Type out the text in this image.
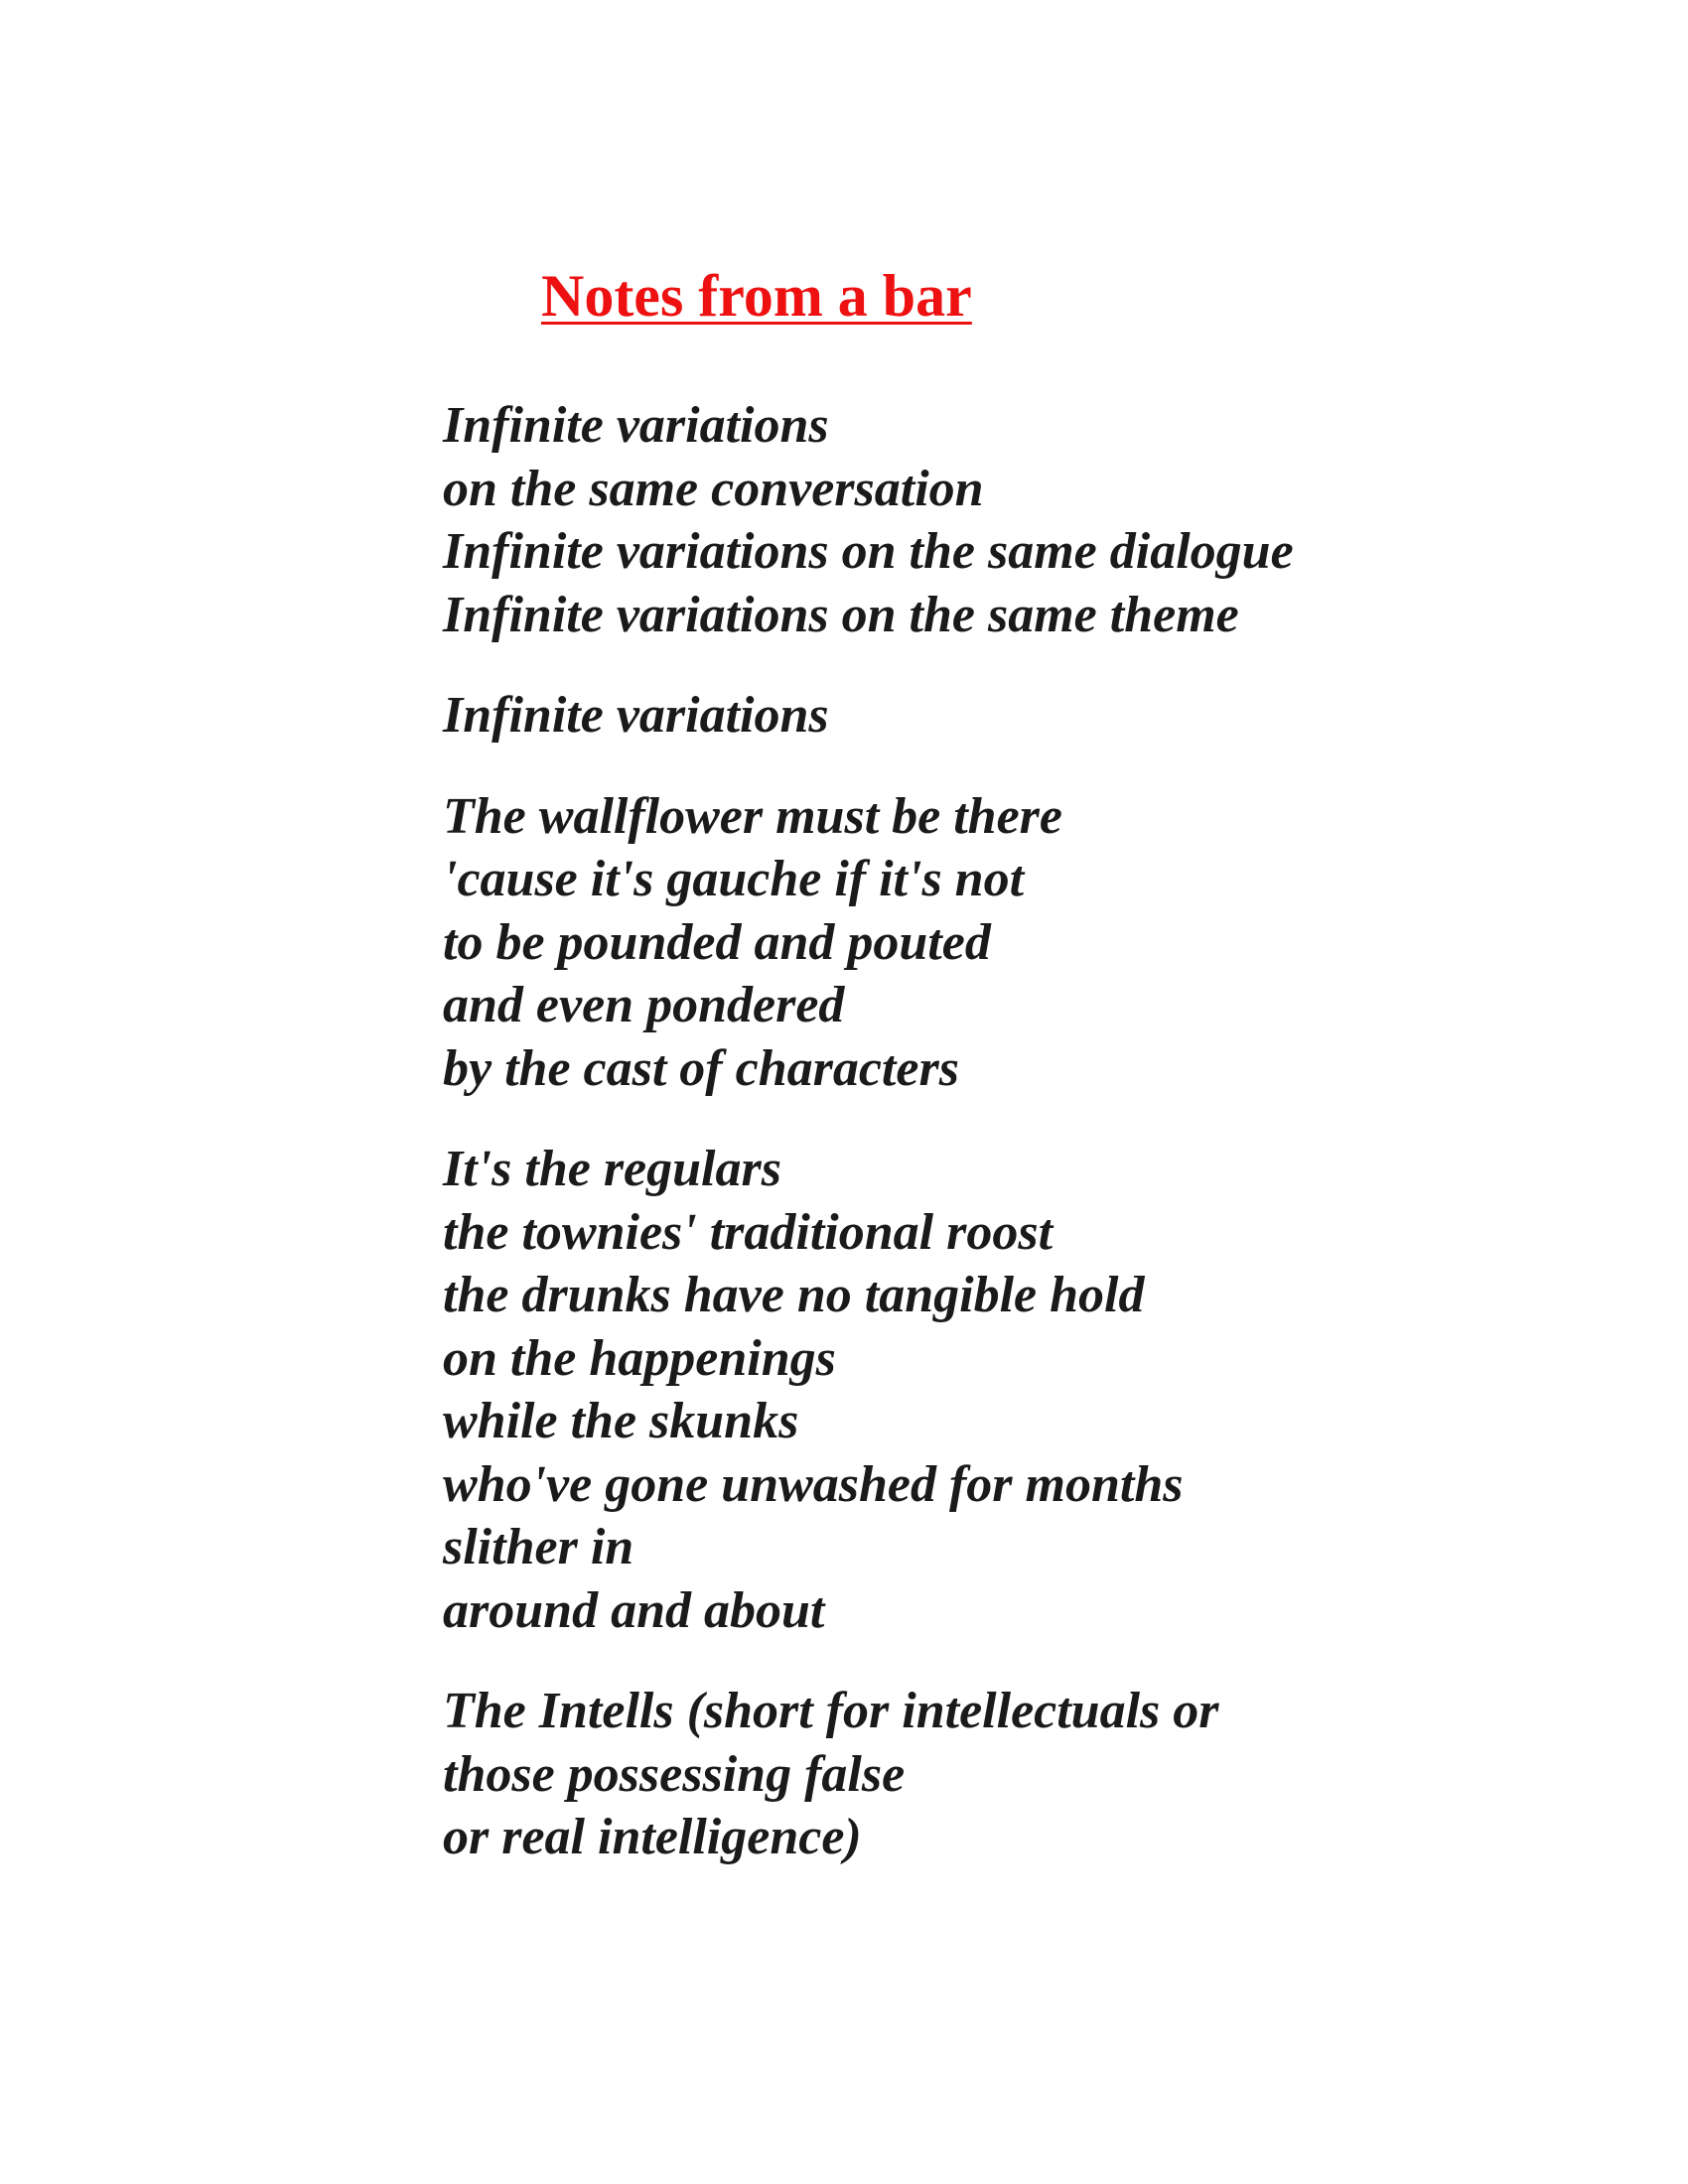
Notes from a bar
Infinite variations
on the same conversation
Infinite variations on the same dialogue
Infinite variations on the same theme
Infinite variations
The wallflower must be there
'cause it's gauche if it's not
to be pounded and pouted
and even pondered
by the cast of characters
It's the regulars
the townies' traditional roost
the drunks have no tangible hold
on the happenings
while the skunks
who've gone unwashed for months
slither in
around and about
The Intells (short for intellectuals or
those possessing false
or real intelligence)
